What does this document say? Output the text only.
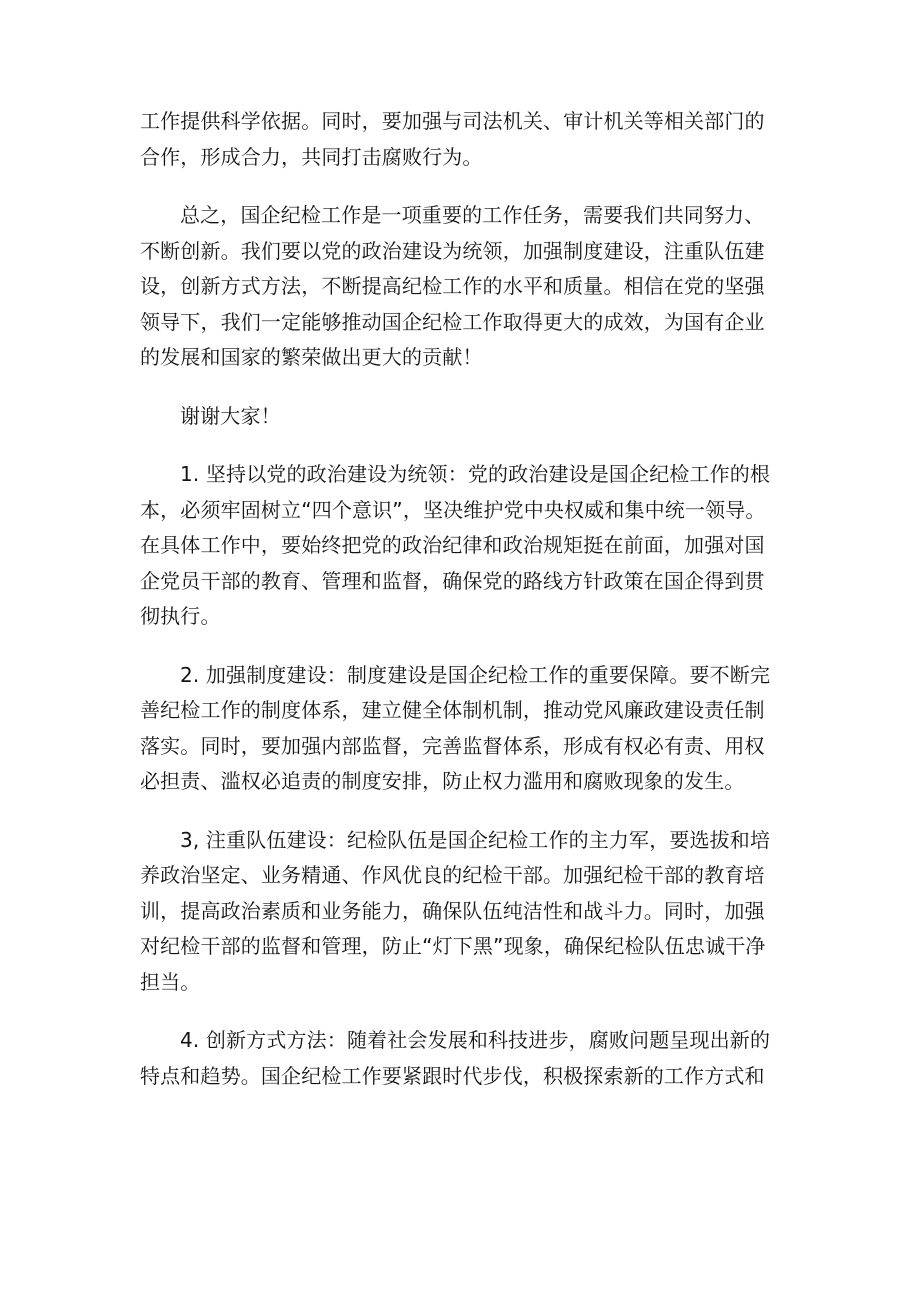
工作提供科学依据。同时，要加强与司法机关、审计机关等相关部门的合作，形成合力，共同打击腐败行为。

总之，国企纪检工作是一项重要的工作任务，需要我们共同努力、不断创新。我们要以党的政治建设为统领，加强制度建设，注重队伍建设，创新方式方法，不断提高纪检工作的水平和质量。相信在党的坚强领导下，我们一定能够推动国企纪检工作取得更大的成效，为国有企业的发展和国家的繁荣做出更大的贡献！

谢谢大家！

1. 坚持以党的政治建设为统领：党的政治建设是国企纪检工作的根本，必须牢固树立“四个意识”，坚决维护党中央权威和集中统一领导。在具体工作中，要始终把党的政治纪律和政治规矩挺在前面，加强对国企党员干部的教育、管理和监督，确保党的路线方针政策在国企得到贯彻执行。

2. 加强制度建设：制度建设是国企纪检工作的重要保障。要不断完善纪检工作的制度体系，建立健全体制机制，推动党风廉政建设责任制落实。同时，要加强内部监督，完善监督体系，形成有权必有责、用权必担责、滥权必追责的制度安排，防止权力滥用和腐败现象的发生。

3, 注重队伍建设：纪检队伍是国企纪检工作的主力军，要选拔和培养政治坚定、业务精通、作风优良的纪检干部。加强纪检干部的教育培训，提高政治素质和业务能力，确保队伍纯洁性和战斗力。同时，加强对纪检干部的监督和管理，防止“灯下黑”现象，确保纪检队伍忠诚干净担当。

4. 创新方式方法：随着社会发展和科技进步，腐败问题呈现出新的特点和趋势。国企纪检工作要紧跟时代步伐，积极探索新的工作方式和
